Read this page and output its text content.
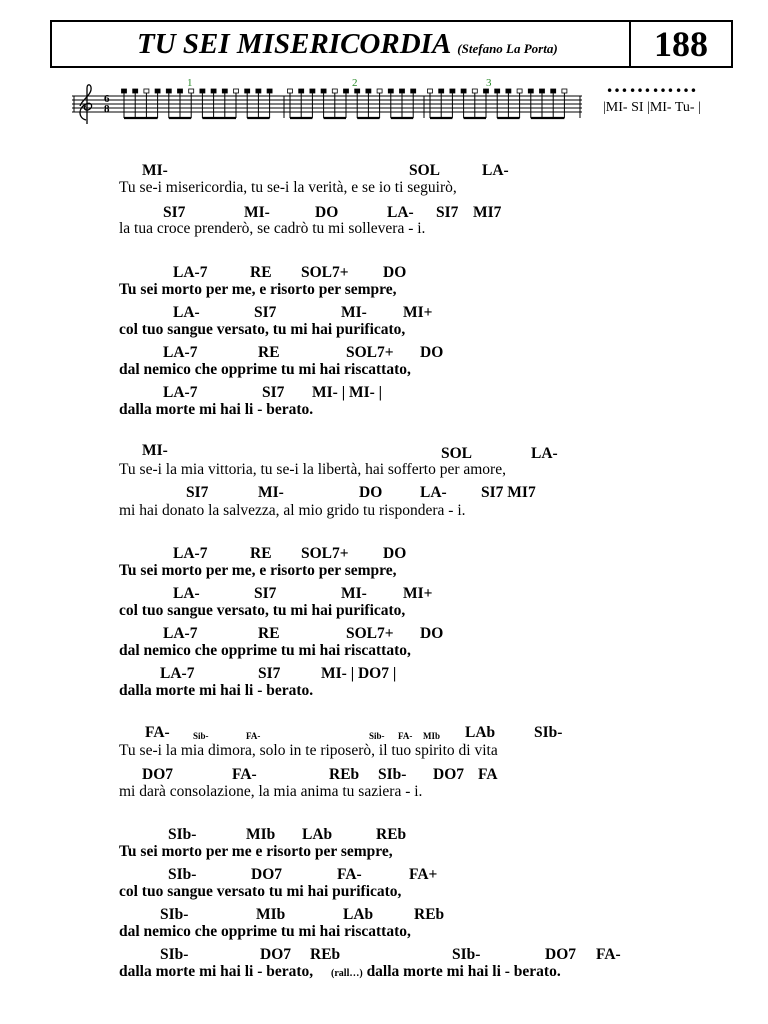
TU SEI MISERICORDIA (Stefano La Porta)	188
6
8
1	2	3	…………
|MI- SI |MI- Tu- |
MI-	SOL	LA-
Tu se-i misericordia, tu se-i la verità, e se io ti seguirò,
SI7	MI-	DO	LA- SI7 MI7
la tua croce prenderò, se cadrò tu mi sollevera - i.
LA-7	RE SOL7+ DO
Tu sei morto per me, e risorto per sempre,
LA-	SI7	MI- MI+
col tuo sangue versato, tu mi hai purificato,
LA-7	RE	SOL7+ DO
dal nemico che opprime tu mi hai riscattato,
LA-7	SI7 MI- | MI- |
dalla morte mi hai li - berato.
MI-	SOL	LA-
Tu se-i la mia vittoria, tu se-i la libertà, hai sofferto per amore,
SI7	MI-	DO LA- SI7 MI7
mi hai donato la salvezza, al mio grido tu rispondera - i.
LA-7	RE SOL7+ DO
Tu sei morto per me, e risorto per sempre,
LA-	SI7	MI- MI+
col tuo sangue versato, tu mi hai purificato,
LA-7	RE	SOL7+ DO
dal nemico che opprime tu mi hai riscattato,
LA-7	SI7	MI- | DO7 |
dalla morte mi hai li - berato.
FA-	Sib-	FA-	Sib- FA- MIb LAb	SIb-
Tu se-i la mia dimora, solo in te riposerò, il tuo spirito di vita
DO7	FA-	REb SIb- DO7 FA
mi darà consolazione, la mia anima tu saziera - i.
SIb-	MIb LAb	REb
Tu sei morto per me e risorto per sempre,
SIb-	DO7	FA-	FA+
col tuo sangue versato tu mi hai purificato,
SIb-	MIb	LAb	REb
dal nemico che opprime tu mi hai riscattato,
SIb-	DO7 REb	SIb-	DO7 FA-
dalla morte mi hai li - berato, (rall…) dalla morte mi hai li - berato.
